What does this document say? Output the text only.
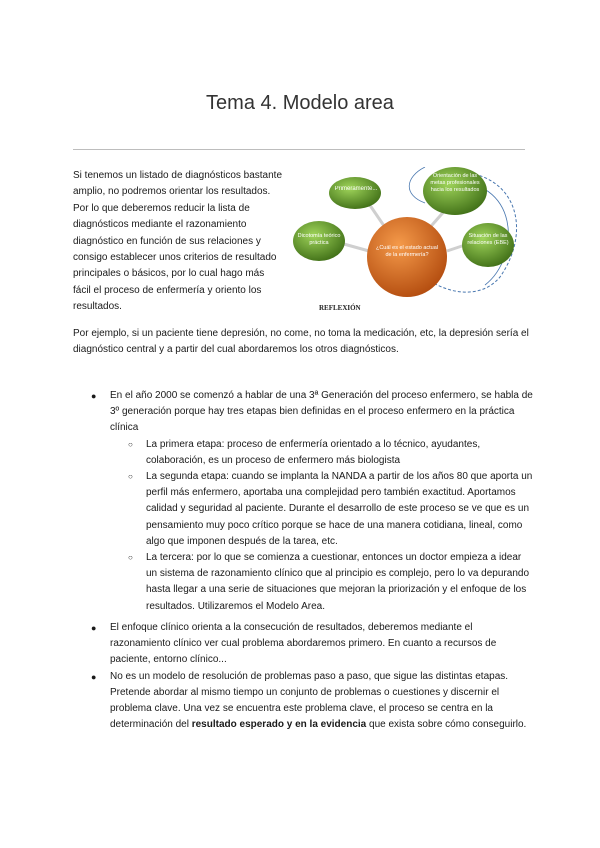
Tema 4. Modelo area

Si tenemos un listado de diagnósticos bastante amplio, no podremos orientar los resultados. Por lo que deberemos reducir la lista de diagnósticos mediante el razonamiento diagnóstico en función de sus relaciones y consigo establecer unos criterios de resultado principales o básicos, por lo cual hago más fácil el proceso de enfermería y oriento los resultados.

Primeramente...
Orientación de las metas profesionales hacia los resultados
Dicotomía teórico práctica
Situación de las relaciones (EBE)
¿Cuál es el estado actual de la enfermería?
REFLEXIÓN

Por ejemplo, si un paciente tiene depresión, no come, no toma la medicación, etc, la depresión sería el diagnóstico central y a partir del cual abordaremos los otros diagnósticos.

● En el año 2000 se comenzó a hablar de una 3ª Generación del proceso enfermero, se habla de 3º generación porque hay tres etapas bien definidas en el proceso enfermero en la práctica clínica
○ La primera etapa: proceso de enfermería orientado a lo técnico, ayudantes, colaboración, es un proceso de enfermero más biologista
○ La segunda etapa: cuando se implanta la NANDA a partir de los años 80 que aporta un perfil más enfermero, aportaba una complejidad pero también exactitud. Aportamos calidad y seguridad al paciente. Durante el desarrollo de este proceso se ve que es un pensamiento muy poco crítico porque se hace de una manera cotidiana, lineal, como algo que imponen después de la tarea, etc.
○ La tercera: por lo que se comienza a cuestionar, entonces un doctor empieza a idear un sistema de razonamiento clínico que al principio es complejo, pero lo va depurando hasta llegar a una serie de situaciones que mejoran la priorización y el enfoque de los resultados. Utilizaremos el Modelo Area.
● El enfoque clínico orienta a la consecución de resultados, deberemos mediante el razonamiento clínico ver cual problema abordaremos primero. En cuanto a recursos de paciente, entorno clínico...
● No es un modelo de resolución de problemas paso a paso, que sigue las distintas etapas. Pretende abordar al mismo tiempo un conjunto de problemas o cuestiones y discernir el problema clave. Una vez se encuentra este problema clave, el proceso se centra en la determinación del resultado esperado y en la evidencia que exista sobre cómo conseguirlo.
